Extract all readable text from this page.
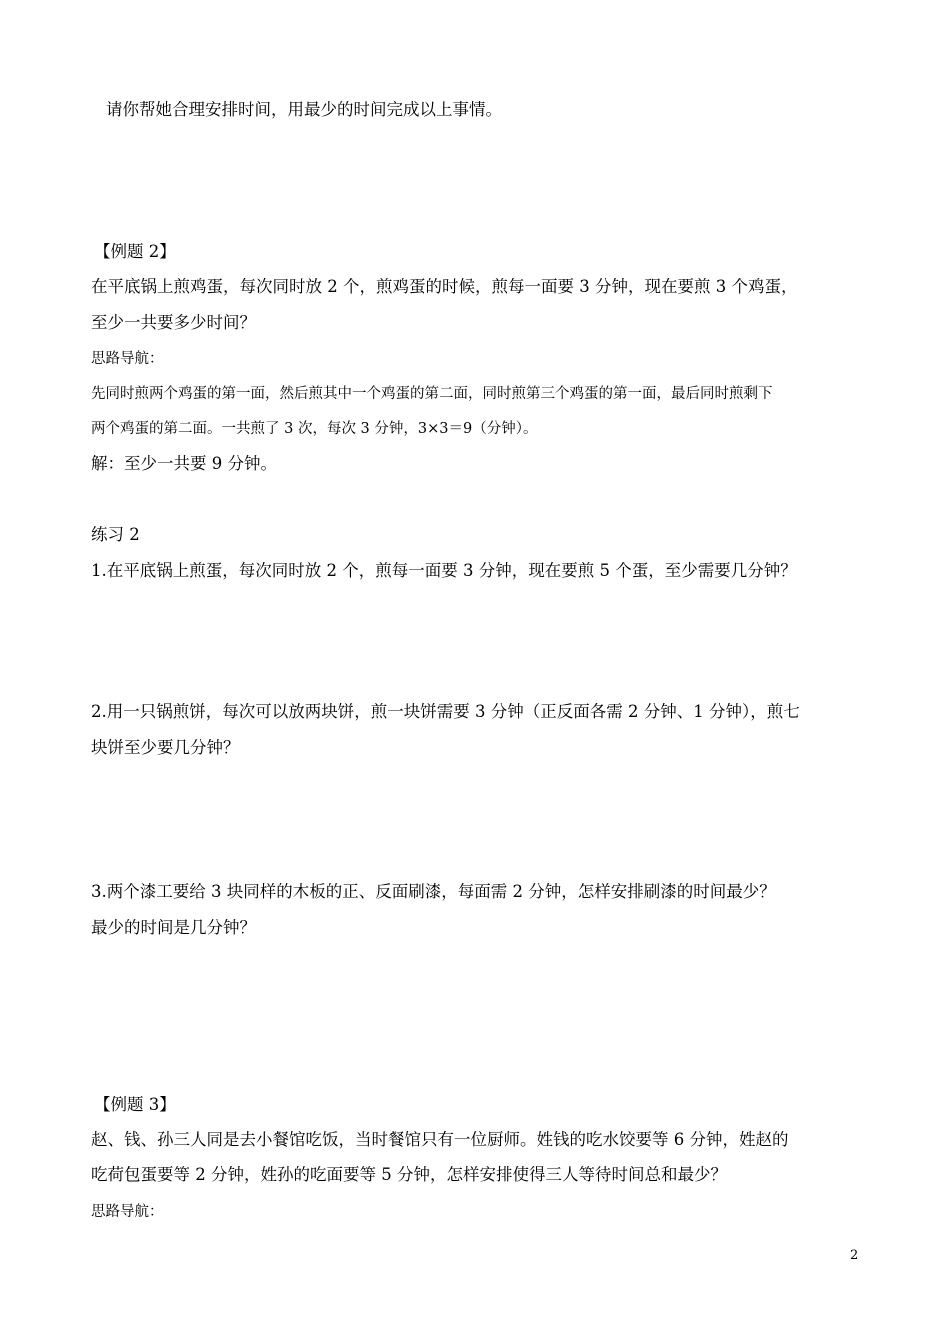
请你帮她合理安排时间，用最少的时间完成以上事情。
【例题 2】
在平底锅上煎鸡蛋，每次同时放 2 个，煎鸡蛋的时候，煎每一面要 3 分钟，现在要煎 3 个鸡蛋，
至少一共要多少时间？
思路导航：
先同时煎两个鸡蛋的第一面，然后煎其中一个鸡蛋的第二面，同时煎第三个鸡蛋的第一面，最后同时煎剩下
两个鸡蛋的第二面。一共煎了 3 次，每次 3 分钟，3×3＝9（分钟）。
解：至少一共要 9 分钟。
练习 2
1.在平底锅上煎蛋，每次同时放 2 个，煎每一面要 3 分钟，现在要煎 5 个蛋，至少需要几分钟？
2.用一只锅煎饼，每次可以放两块饼，煎一块饼需要 3 分钟（正反面各需 2 分钟、1 分钟），煎七
块饼至少要几分钟？
3.两个漆工要给 3 块同样的木板的正、反面刷漆，每面需 2 分钟，怎样安排刷漆的时间最少？
最少的时间是几分钟？
【例题 3】
赵、钱、孙三人同是去小餐馆吃饭，当时餐馆只有一位厨师。姓钱的吃水饺要等 6 分钟，姓赵的
吃荷包蛋要等 2 分钟，姓孙的吃面要等 5 分钟，怎样安排使得三人等待时间总和最少？
思路导航：
2
